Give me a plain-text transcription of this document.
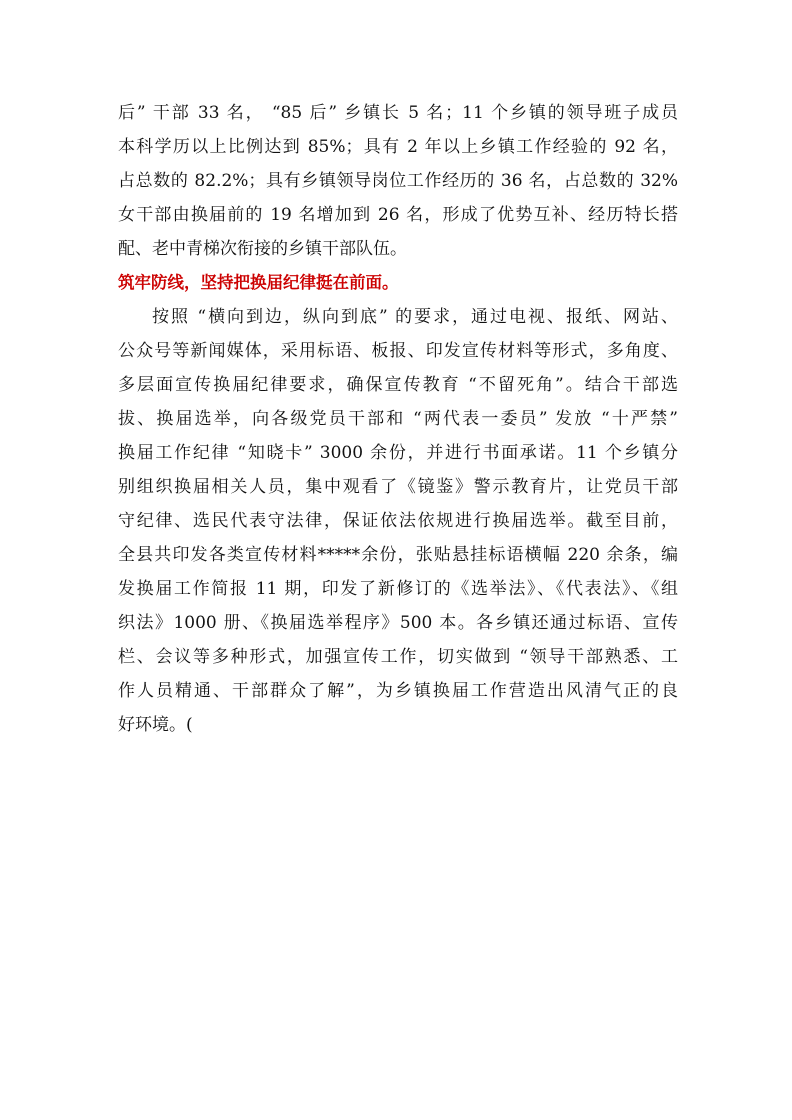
后” 干部 33 名， “85 后” 乡镇长 5 名；11 个乡镇的领导班子成员
本科学历以上比例达到 85%；具有 2 年以上乡镇工作经验的 92 名，
占总数的 82.2%；具有乡镇领导岗位工作经历的 36 名，占总数的 32%
女干部由换届前的 19 名增加到 26 名，形成了优势互补、经历特长搭
配、老中青梯次衔接的乡镇干部队伍。
筑牢防线，坚持把换届纪律挺在前面。
按照 “横向到边，纵向到底” 的要求，通过电视、报纸、网站、
公众号等新闻媒体，采用标语、板报、印发宣传材料等形式，多角度、
多层面宣传换届纪律要求，确保宣传教育 “不留死角”。结合干部选
拔、换届选举，向各级党员干部和 “两代表一委员” 发放 “十严禁”
换届工作纪律 “知晓卡” 3000 余份，并进行书面承诺。11 个乡镇分
别组织换届相关人员，集中观看了《镜鉴》警示教育片，让党员干部
守纪律、选民代表守法律，保证依法依规进行换届选举。截至目前，
全县共印发各类宣传材料*****余份，张贴悬挂标语横幅 220 余条，编
发换届工作简报 11 期，印发了新修订的《选举法》、《代表法》、《组
织法》1000 册、《换届选举程序》500 本。各乡镇还通过标语、宣传
栏、会议等多种形式，加强宣传工作，切实做到 “领导干部熟悉、工
作人员精通、干部群众了解”，为乡镇换届工作营造出风清气正的良
好环境。(
